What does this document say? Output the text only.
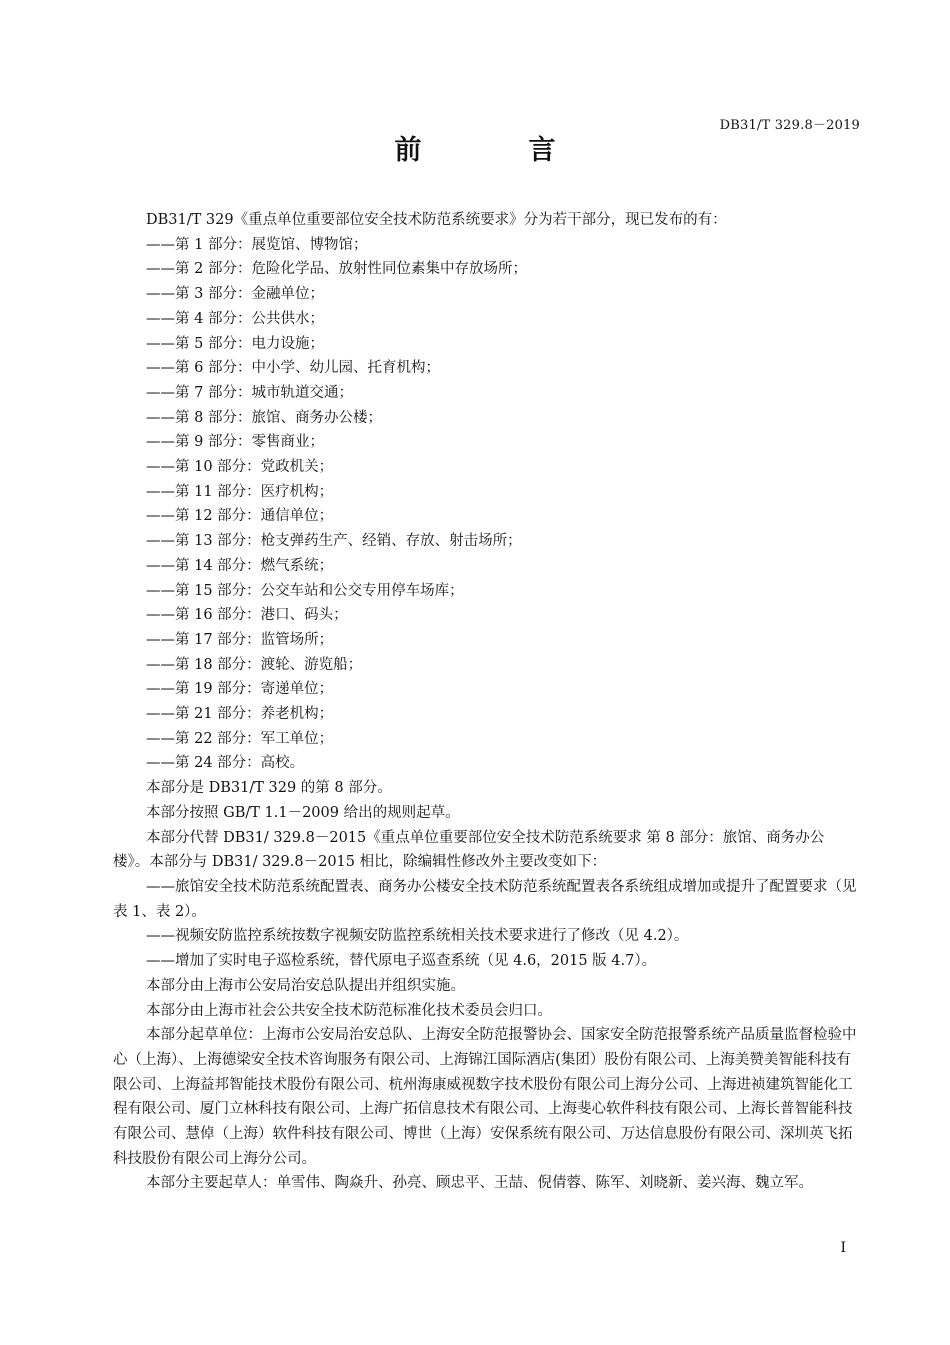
DB31/T 329.8－2019
前　言

DB31/T 329《重点单位重要部位安全技术防范系统要求》分为若干部分，现已发布的有：

——第 1 部分：展览馆、博物馆；

——第 2 部分：危险化学品、放射性同位素集中存放场所；

——第 3 部分：金融单位；

——第 4 部分：公共供水；

——第 5 部分：电力设施；

——第 6 部分：中小学、幼儿园、托育机构；

——第 7 部分：城市轨道交通；

——第 8 部分：旅馆、商务办公楼；

——第 9 部分：零售商业；

——第 10 部分：党政机关；

——第 11 部分：医疗机构；

——第 12 部分：通信单位；

——第 13 部分：枪支弹药生产、经销、存放、射击场所；

——第 14 部分：燃气系统；

——第 15 部分：公交车站和公交专用停车场库；

——第 16 部分：港口、码头；

——第 17 部分：监管场所；

——第 18 部分：渡轮、游览船；

——第 19 部分：寄递单位；

——第 21 部分：养老机构；

——第 22 部分：军工单位；

——第 24 部分：高校。

本部分是 DB31/T 329 的第 8 部分。

本部分按照 GB/T 1.1－2009 给出的规则起草。

本部分代替 DB31/ 329.8－2015《重点单位重要部位安全技术防范系统要求 第 8 部分：旅馆、商务办公楼》。本部分与 DB31/ 329.8－2015 相比，除编辑性修改外主要改变如下：

——旅馆安全技术防范系统配置表、商务办公楼安全技术防范系统配置表各系统组成增加或提升了配置要求（见表 1、表 2）。

——视频安防监控系统按数字视频安防监控系统相关技术要求进行了修改（见 4.2）。

——增加了实时电子巡检系统，替代原电子巡查系统（见 4.6，2015 版 4.7）。

本部分由上海市公安局治安总队提出并组织实施。

本部分由上海市社会公共安全技术防范标准化技术委员会归口。

本部分起草单位：上海市公安局治安总队、上海安全防范报警协会、国家安全防范报警系统产品质量监督检验中心（上海）、上海德梁安全技术咨询服务有限公司、上海锦江国际酒店(集团）股份有限公司、上海美赞美智能科技有限公司、上海益邦智能技术股份有限公司、杭州海康威视数字技术股份有限公司上海分公司、上海进祯建筑智能化工程有限公司、厦门立林科技有限公司、上海广拓信息技术有限公司、上海斐心软件科技有限公司、上海长普智能科技有限公司、慧倬（上海）软件科技有限公司、博世（上海）安保系统有限公司、万达信息股份有限公司、深圳英飞拓科技股份有限公司上海分公司。

本部分主要起草人：单雪伟、陶焱升、孙亮、顾忠平、王喆、倪倩蓉、陈军、刘晓新、姜兴海、魏立军。

I
